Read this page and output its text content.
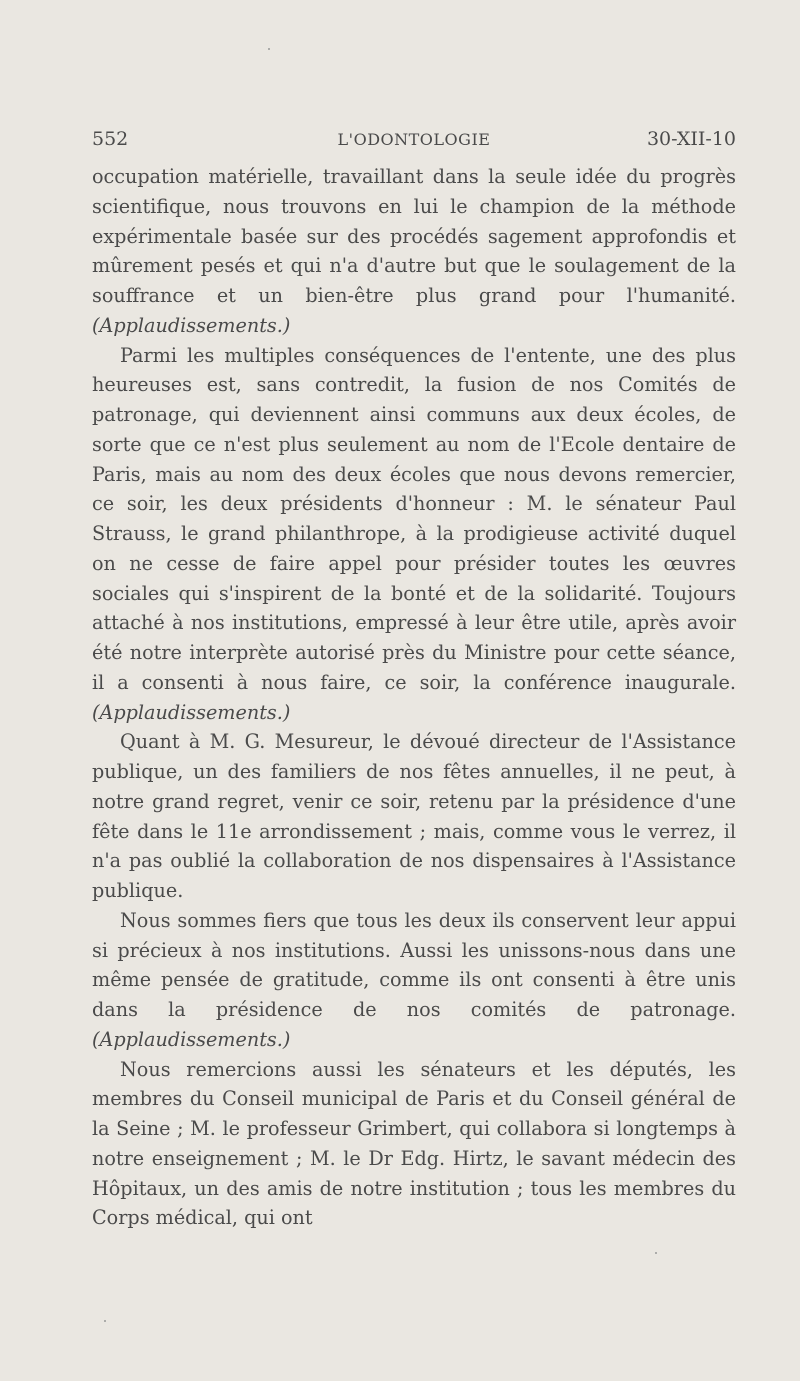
552	L'ODONTOLOGIE	30-XII-10

occupation matérielle, travaillant dans la seule idée du progrès scientifique, nous trouvons en lui le champion de la méthode expérimentale basée sur des procédés sagement approfondis et mûrement pesés et qui n'a d'autre but que le soulagement de la souffrance et un bien-être plus grand pour l'humanité. (Applaudissements.)

Parmi les multiples conséquences de l'entente, une des plus heureuses est, sans contredit, la fusion de nos Comités de patronage, qui deviennent ainsi communs aux deux écoles, de sorte que ce n'est plus seulement au nom de l'Ecole dentaire de Paris, mais au nom des deux écoles que nous devons remercier, ce soir, les deux présidents d'honneur : M. le sénateur Paul Strauss, le grand philanthrope, à la prodigieuse activité duquel on ne cesse de faire appel pour présider toutes les œuvres sociales qui s'inspirent de la bonté et de la solidarité. Toujours attaché à nos institutions, empressé à leur être utile, après avoir été notre interprète autorisé près du Ministre pour cette séance, il a consenti à nous faire, ce soir, la conférence inaugurale. (Applaudissements.)

Quant à M. G. Mesureur, le dévoué directeur de l'Assistance publique, un des familiers de nos fêtes annuelles, il ne peut, à notre grand regret, venir ce soir, retenu par la présidence d'une fête dans le 11e arrondissement ; mais, comme vous le verrez, il n'a pas oublié la collaboration de nos dispensaires à l'Assistance publique.

Nous sommes fiers que tous les deux ils conservent leur appui si précieux à nos institutions. Aussi les unissons-nous dans une même pensée de gratitude, comme ils ont consenti à être unis dans la présidence de nos comités de patronage. (Applaudissements.)

Nous remercions aussi les sénateurs et les députés, les membres du Conseil municipal de Paris et du Conseil général de la Seine ; M. le professeur Grimbert, qui collabora si longtemps à notre enseignement ; M. le Dr Edg. Hirtz, le savant médecin des Hôpitaux, un des amis de notre institution ; tous les membres du Corps médical, qui ont
